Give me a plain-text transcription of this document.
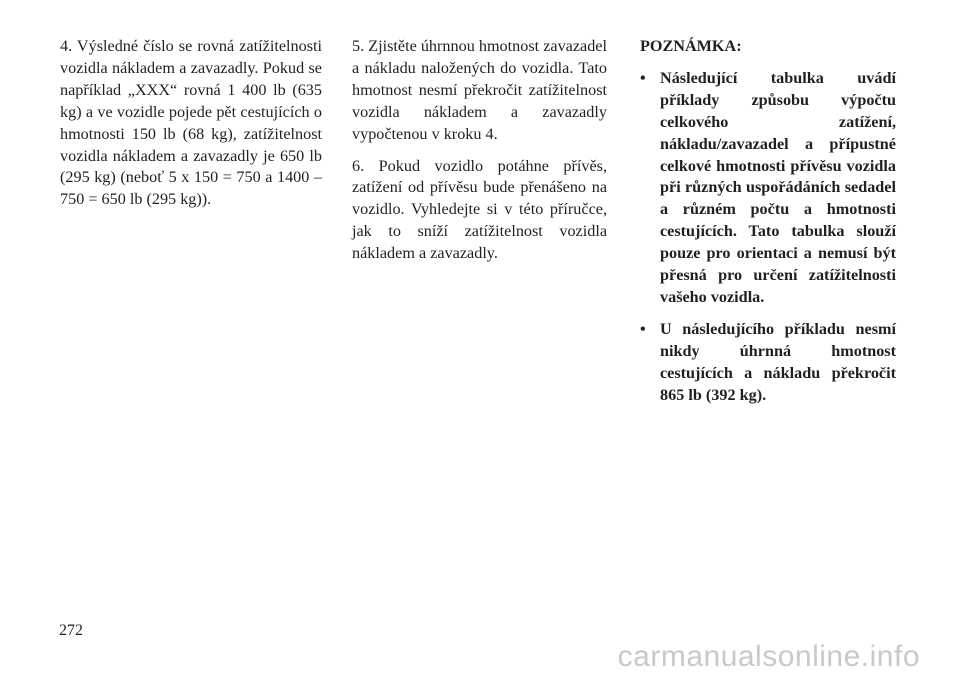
4. Výsledné číslo se rovná zatížitelnosti vozidla nákladem a zavazadly. Pokud se například „XXX“ rovná 1 400 lb (635 kg) a ve vozidle pojede pět cestujících o hmotnosti 150 lb (68 kg), zatížitelnost vozidla nákladem a zavazadly je 650 lb (295 kg) (neboť 5 x 150 = 750 a 1400 – 750 = 650 lb (295 kg)).

5. Zjistěte úhrnnou hmotnost zavazadel a nákladu naložených do vozidla. Tato hmotnost nesmí překročit zatížitelnost vozidla nákladem a zavazadly vypočtenou v kroku 4.

6. Pokud vozidlo potáhne přívěs, zatížení od přívěsu bude přenášeno na vozidlo. Vyhledejte si v této příručce, jak to sníží zatížitelnost vozidla nákladem a zavazadly.

POZNÁMKA:
• Následující tabulka uvádí příklady způsobu výpočtu celkového zatížení, nákladu/zavazadel a přípustné celkové hmotnosti přívěsu vozidla při různých uspořádáních sedadel a různém počtu a hmotnosti cestujících. Tato tabulka slouží pouze pro orientaci a nemusí být přesná pro určení zatížitelnosti vašeho vozidla.
• U následujícího příkladu nesmí nikdy úhrnná hmotnost cestujících a nákladu překročit 865 lb (392 kg).
272
carmanualsonline.info
